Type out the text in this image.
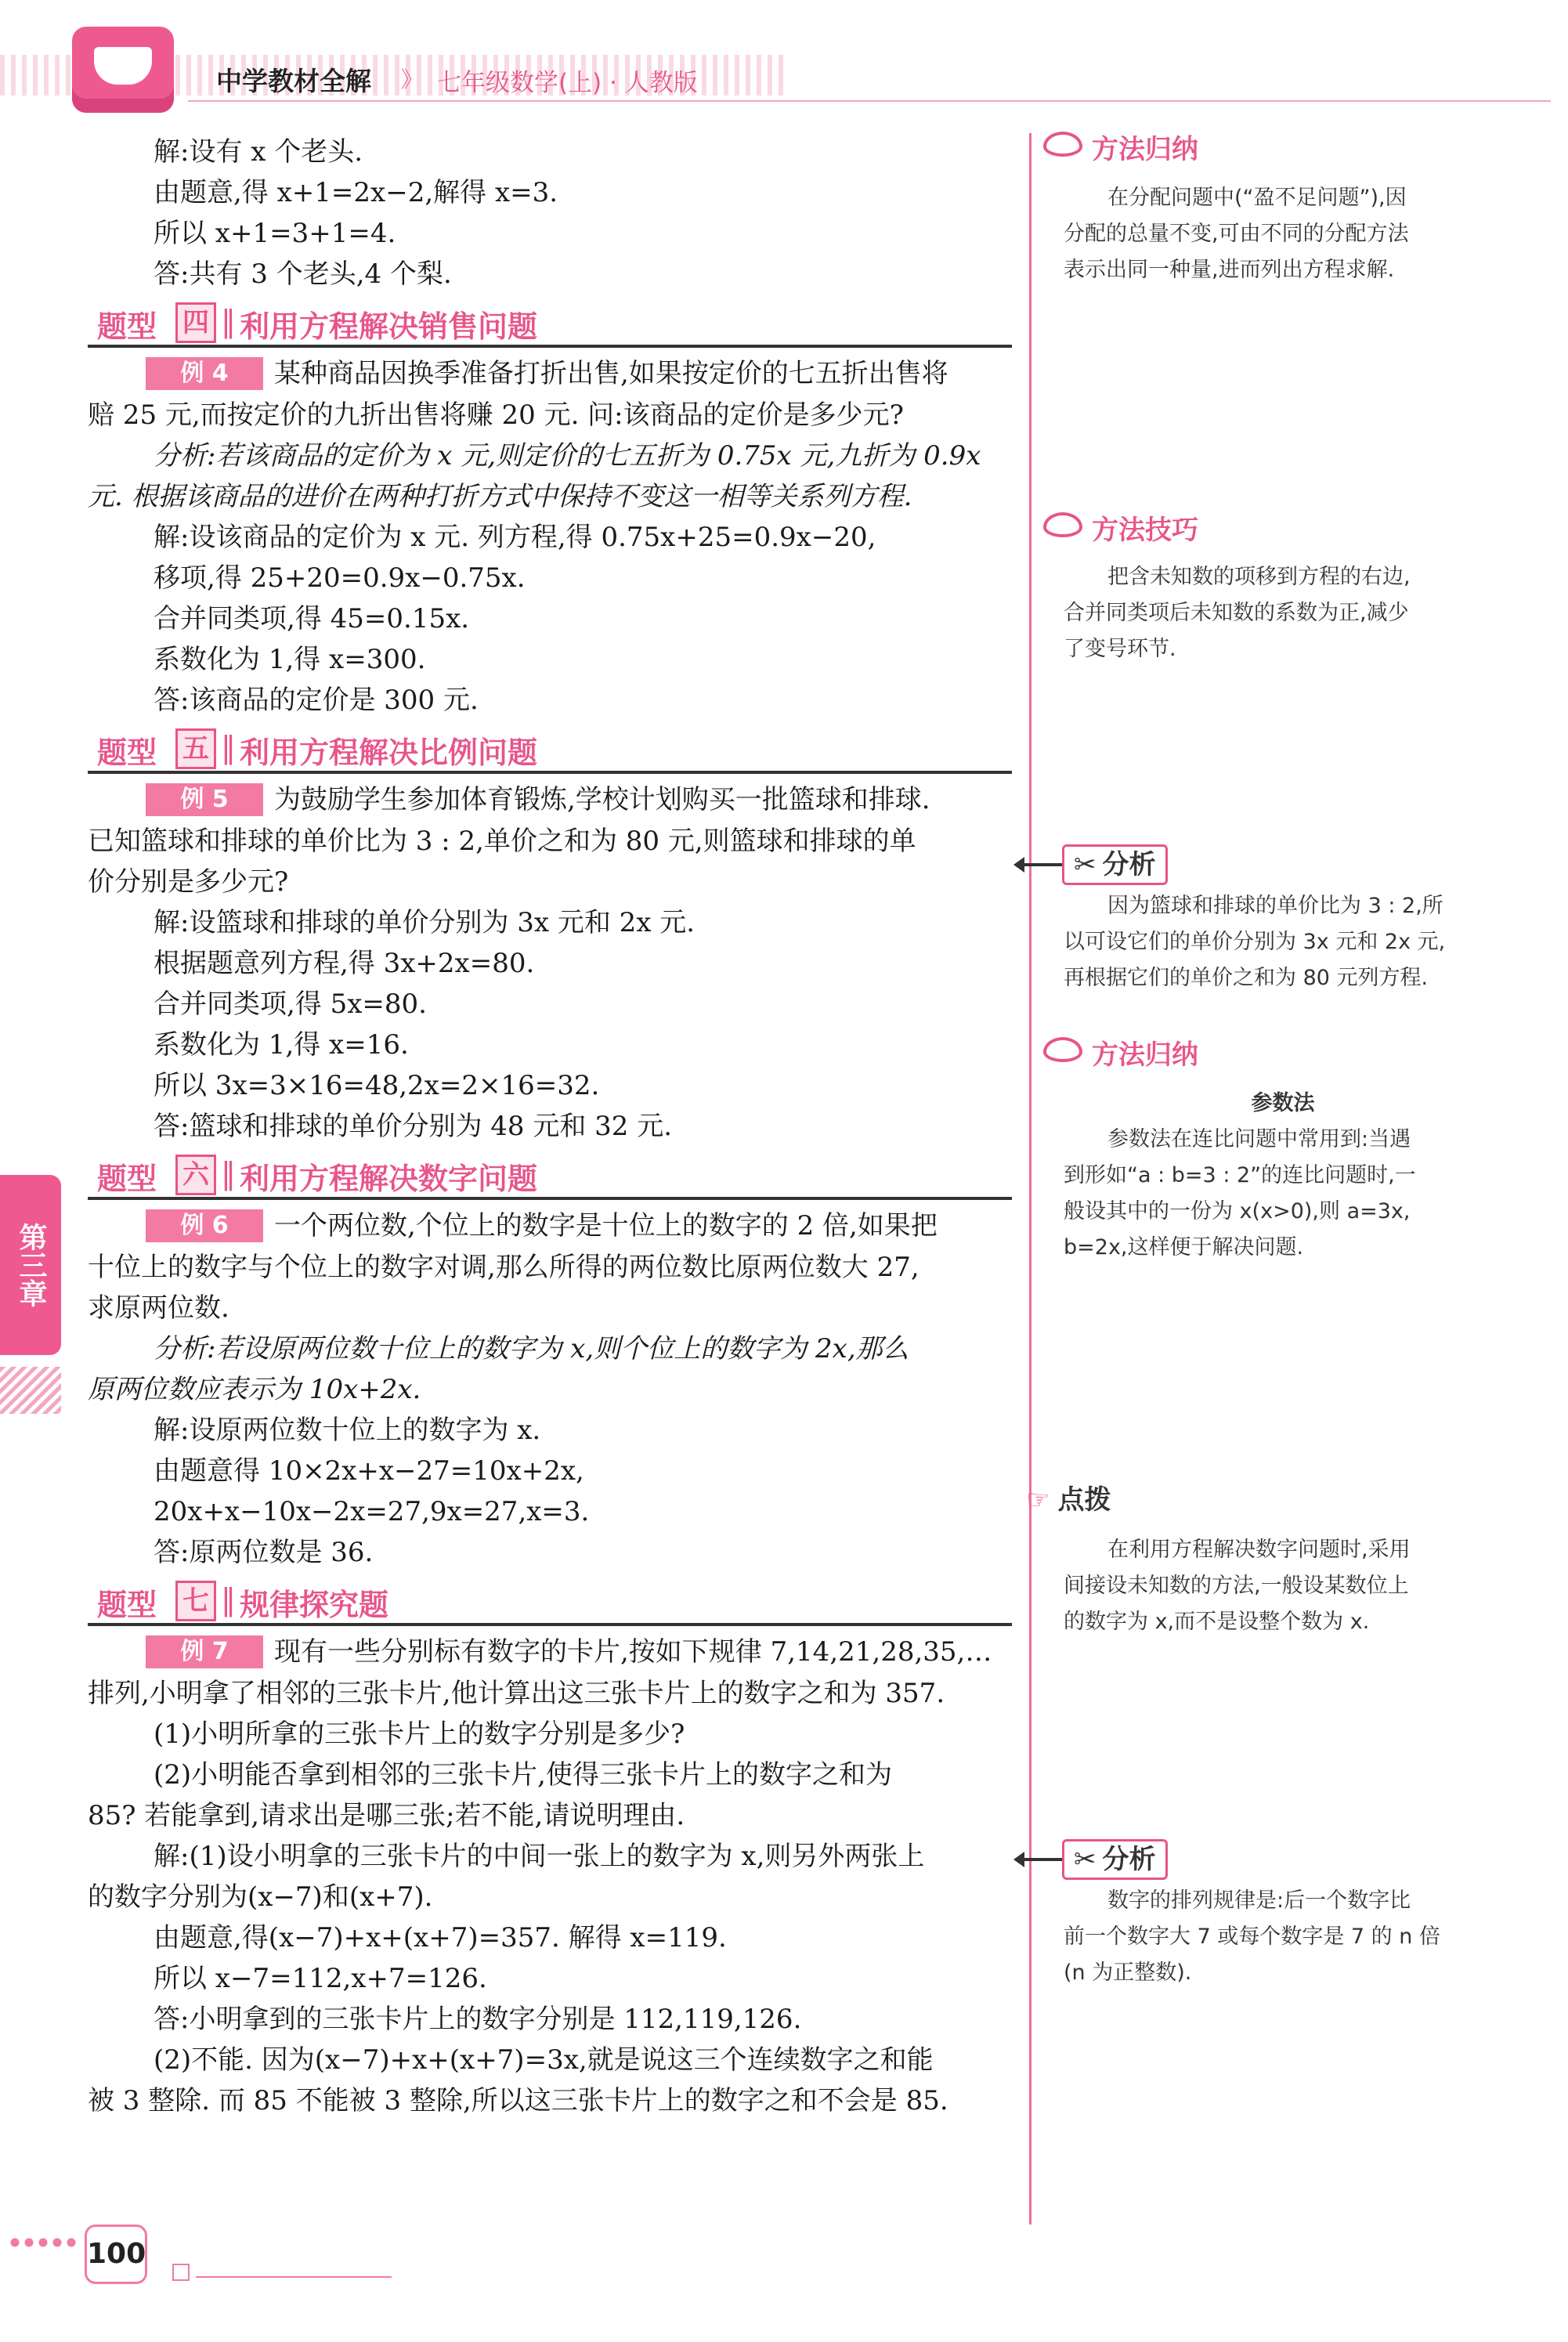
中学教材全解 》 七年级数学(上) · 人教版

解:设有 x 个老头.

由题意,得 x+1=2x−2,解得 x=3.

所以 x+1=3+1=4.

答:共有 3 个老头,4 个梨.

题型 四 ‖ 利用方程解决销售问题
例 4 某种商品因换季准备打折出售,如果按定价的七五折出售将

赔 25 元,而按定价的九折出售将赚 20 元. 问:该商品的定价是多少元?

分析:若该商品的定价为 x 元,则定价的七五折为 0.75x 元,九折为 0.9x

元. 根据该商品的进价在两种打折方式中保持不变这一相等关系列方程.

解:设该商品的定价为 x 元. 列方程,得 0.75x+25=0.9x−20,

移项,得 25+20=0.9x−0.75x.

合并同类项,得 45=0.15x.

系数化为 1,得 x=300.

答:该商品的定价是 300 元.

题型 五 ‖ 利用方程解决比例问题
例 5 为鼓励学生参加体育锻炼,学校计划购买一批篮球和排球.

已知篮球和排球的单价比为 3 : 2,单价之和为 80 元,则篮球和排球的单

价分别是多少元?

解:设篮球和排球的单价分别为 3x 元和 2x 元.

根据题意列方程,得 3x+2x=80.

合并同类项,得 5x=80.

系数化为 1,得 x=16.

所以 3x=3×16=48,2x=2×16=32.

答:篮球和排球的单价分别为 48 元和 32 元.

题型 六 ‖ 利用方程解决数字问题
例 6 一个两位数,个位上的数字是十位上的数字的 2 倍,如果把

十位上的数字与个位上的数字对调,那么所得的两位数比原两位数大 27,

求原两位数.

分析:若设原两位数十位上的数字为 x,则个位上的数字为 2x,那么

原两位数应表示为 10x+2x.

解:设原两位数十位上的数字为 x.

由题意得 10×2x+x−27=10x+2x,

20x+x−10x−2x=27,9x=27,x=3.

答:原两位数是 36.

题型 七 ‖ 规律探究题
例 7 现有一些分别标有数字的卡片,按如下规律 7,14,21,28,35,…

排列,小明拿了相邻的三张卡片,他计算出这三张卡片上的数字之和为 357.

(1)小明所拿的三张卡片上的数字分别是多少?

(2)小明能否拿到相邻的三张卡片,使得三张卡片上的数字之和为

85? 若能拿到,请求出是哪三张;若不能,请说明理由.

解:(1)设小明拿的三张卡片的中间一张上的数字为 x,则另外两张上

的数字分别为(x−7)和(x+7).

由题意,得(x−7)+x+(x+7)=357. 解得 x=119.

所以 x−7=112,x+7=126.

答:小明拿到的三张卡片上的数字分别是 112,119,126.

(2)不能. 因为(x−7)+x+(x+7)=3x,就是说这三个连续数字之和能

被 3 整除. 而 85 不能被 3 整除,所以这三张卡片上的数字之和不会是 85.

方法归纳

在分配问题中(“盈不足问题”),因

分配的总量不变,可由不同的分配方法

表示出同一种量,进而列出方程求解.

方法技巧

把含未知数的项移到方程的右边,

合并同类项后未知数的系数为正,减少

了变号环节.

✂ 分析

因为篮球和排球的单价比为 3 : 2,所

以可设它们的单价分别为 3x 元和 2x 元,

再根据它们的单价之和为 80 元列方程.

方法归纳

参数法

参数法在连比问题中常用到:当遇

到形如“a : b=3 : 2”的连比问题时,一

般设其中的一份为 x(x>0),则 a=3x,

b=2x,这样便于解决问题.

☞ 点拨

在利用方程解决数字问题时,采用

间接设未知数的方法,一般设某数位上

的数字为 x,而不是设整个数为 x.

✂ 分析

数字的排列规律是:后一个数字比

前一个数字大 7 或每个数字是 7 的 n 倍

(n 为正整数).

第三章
100
